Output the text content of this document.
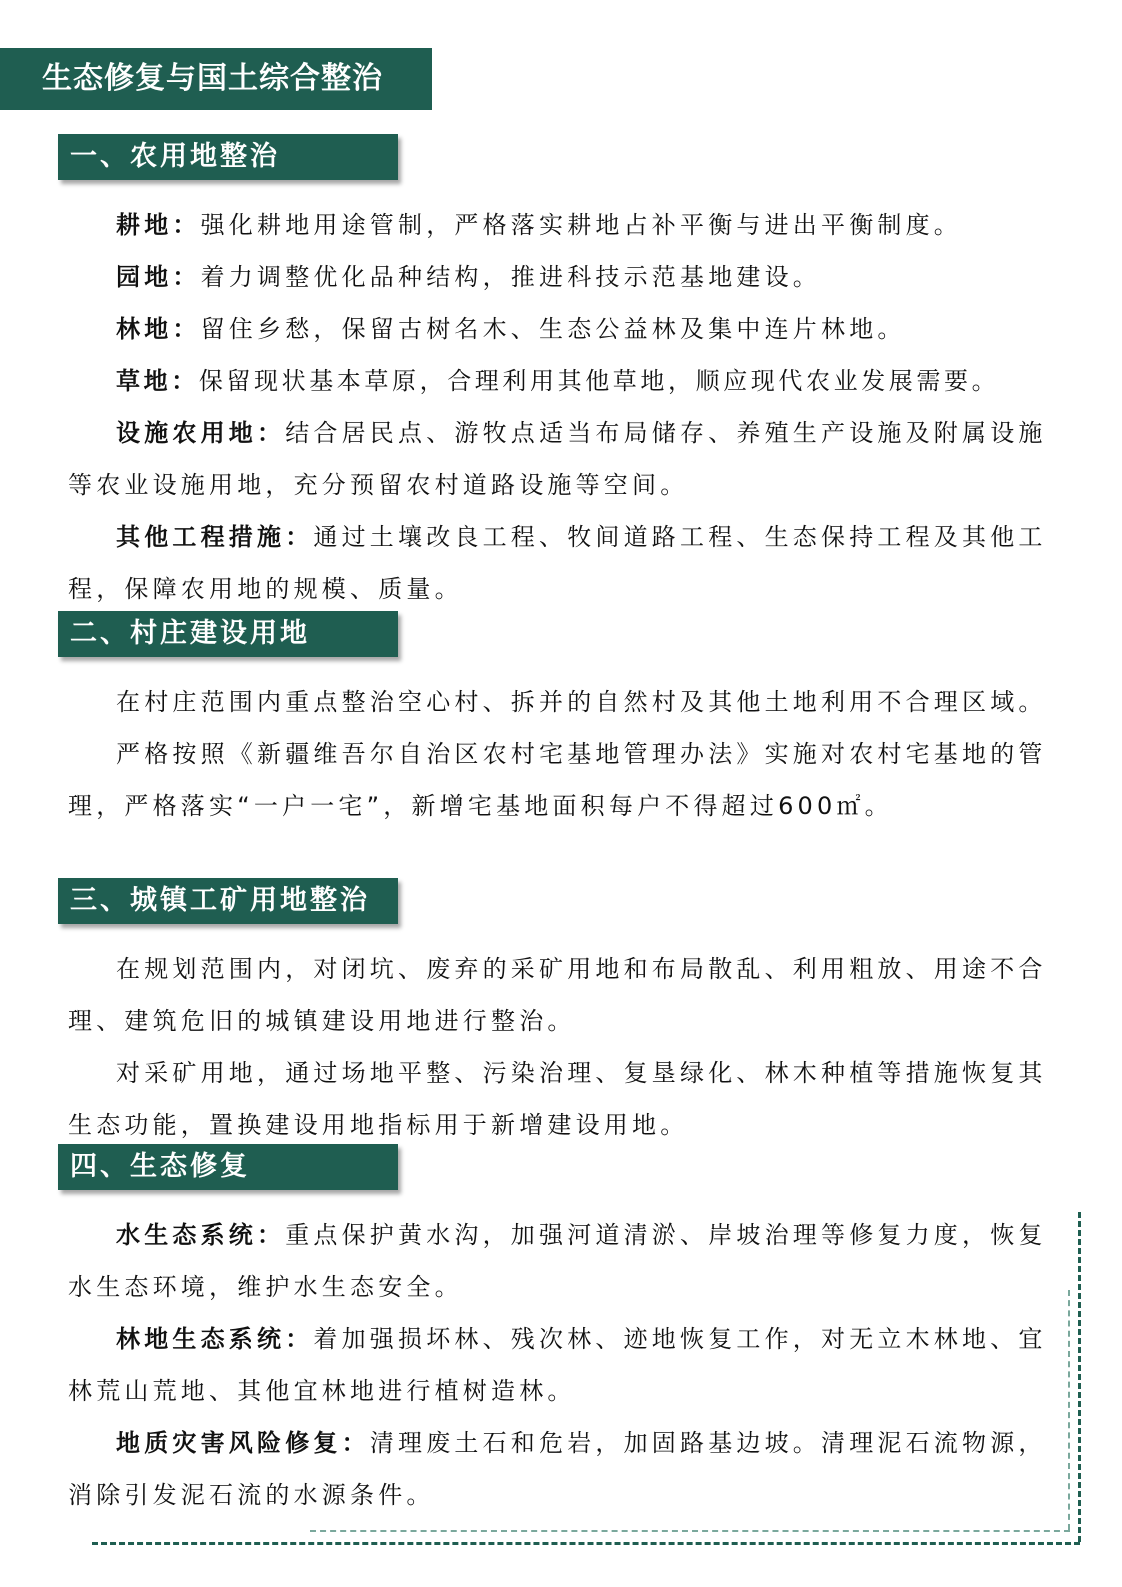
生态修复与国土综合整治
一、农用地整治

耕地：强化耕地用途管制，严格落实耕地占补平衡与进出平衡制度。

园地：着力调整优化品种结构，推进科技示范基地建设。

林地：留住乡愁，保留古树名木、生态公益林及集中连片林地。

草地：保留现状基本草原，合理利用其他草地，顺应现代农业发展需要。

设施农用地：结合居民点、游牧点适当布局储存、养殖生产设施及附属设施等农业设施用地，充分预留农村道路设施等空间。

其他工程措施：通过土壤改良工程、牧间道路工程、生态保持工程及其他工程，保障农用地的规模、质量。

二、村庄建设用地

在村庄范围内重点整治空心村、拆并的自然村及其他土地利用不合理区域。

严格按照《新疆维吾尔自治区农村宅基地管理办法》实施对农村宅基地的管理，严格落实“一户一宅”，新增宅基地面积每户不得超过600㎡。

三、城镇工矿用地整治

在规划范围内，对闭坑、废弃的采矿用地和布局散乱、利用粗放、用途不合理、建筑危旧的城镇建设用地进行整治。

对采矿用地，通过场地平整、污染治理、复垦绿化、林木种植等措施恢复其生态功能，置换建设用地指标用于新增建设用地。

四、生态修复

水生态系统：重点保护黄水沟，加强河道清淤、岸坡治理等修复力度，恢复水生态环境，维护水生态安全。

林地生态系统：着加强损坏林、残次林、迹地恢复工作，对无立木林地、宜林荒山荒地、其他宜林地进行植树造林。

地质灾害风险修复：清理废土石和危岩，加固路基边坡。清理泥石流物源，消除引发泥石流的水源条件。
